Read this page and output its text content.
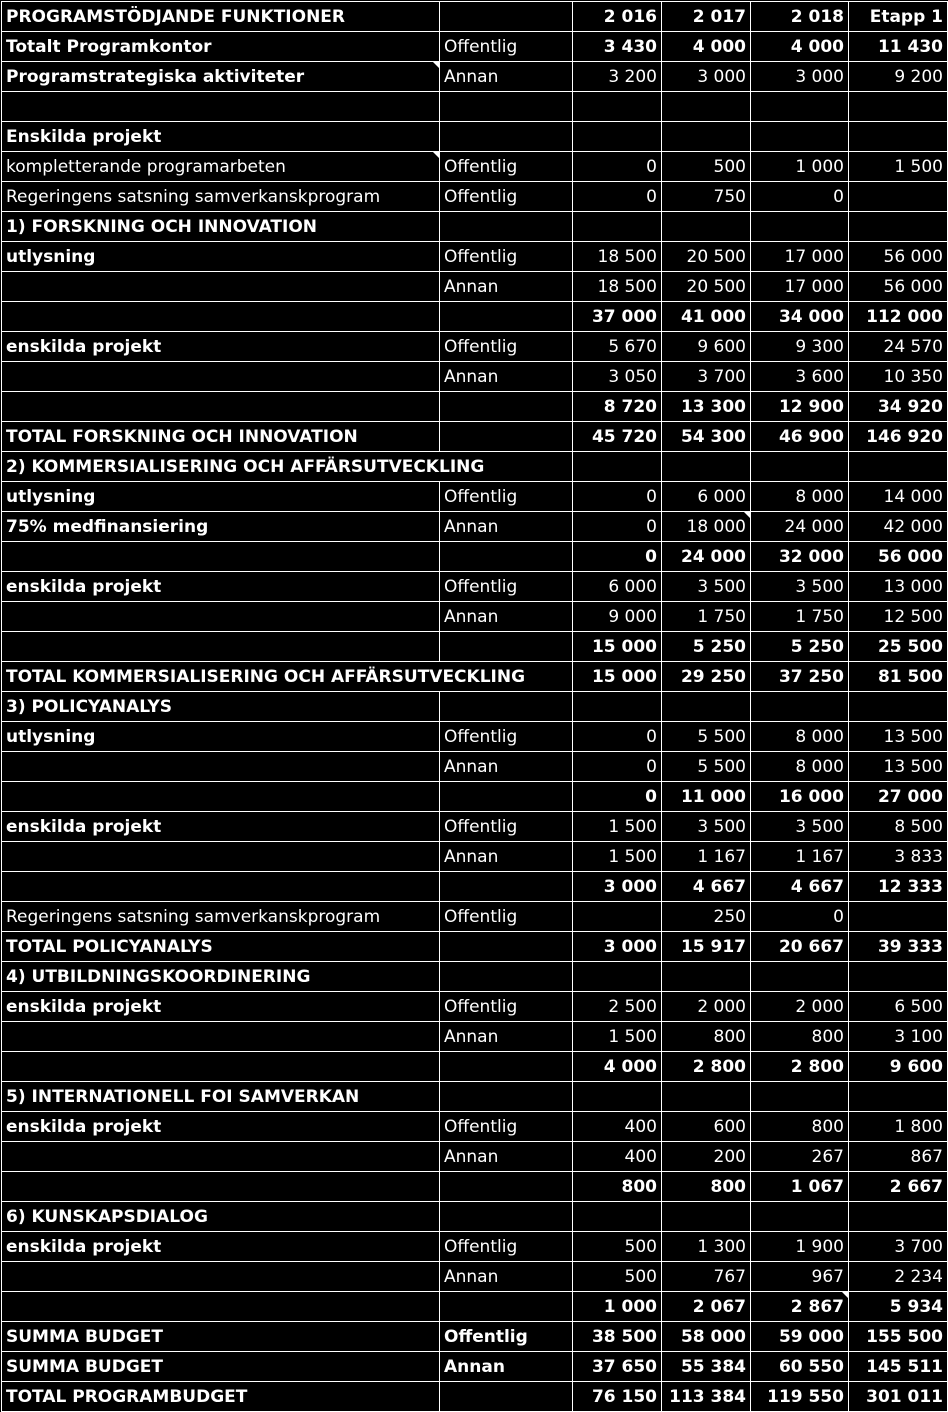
PROGRAMSTÖDJANDE FUNKTIONER		2 016	2 017	2 018	Etapp 1
Totalt Programkontor	Offentlig	3 430	4 000	4 000	11 430
Programstrategiska aktiviteter	Annan	3 200	3 000	3 000	9 200

Enskilda projekt					
kompletterande programarbeten	Offentlig	0	500	1 000	1 500
Regeringens satsning samverkanskprogram	Offentlig	0	750	0	
1) FORSKNING OCH INNOVATION					
utlysning	Offentlig	18 500	20 500	17 000	56 000
	Annan	18 500	20 500	17 000	56 000
		37 000	41 000	34 000	112 000
enskilda projekt	Offentlig	5 670	9 600	9 300	24 570
	Annan	3 050	3 700	3 600	10 350
		8 720	13 300	12 900	34 920
TOTAL FORSKNING OCH INNOVATION		45 720	54 300	46 900	146 920
2) KOMMERSIALISERING OCH AFFÄRSUTVECKLING					
utlysning	Offentlig	0	6 000	8 000	14 000
75% medfinansiering	Annan	0	18 000	24 000	42 000
		0	24 000	32 000	56 000
enskilda projekt	Offentlig	6 000	3 500	3 500	13 000
	Annan	9 000	1 750	1 750	12 500
		15 000	5 250	5 250	25 500
TOTAL KOMMERSIALISERING OCH AFFÄRSUTVECKLING		15 000	29 250	37 250	81 500
3) POLICYANALYS					
utlysning	Offentlig	0	5 500	8 000	13 500
	Annan	0	5 500	8 000	13 500
		0	11 000	16 000	27 000
enskilda projekt	Offentlig	1 500	3 500	3 500	8 500
	Annan	1 500	1 167	1 167	3 833
		3 000	4 667	4 667	12 333
Regeringens satsning samverkanskprogram	Offentlig		250	0	
TOTAL POLICYANALYS		3 000	15 917	20 667	39 333
4) UTBILDNINGSKOORDINERING					
enskilda projekt	Offentlig	2 500	2 000	2 000	6 500
	Annan	1 500	800	800	3 100
		4 000	2 800	2 800	9 600
5) INTERNATIONELL FOI SAMVERKAN					
enskilda projekt	Offentlig	400	600	800	1 800
	Annan	400	200	267	867
		800	800	1 067	2 667
6) KUNSKAPSDIALOG					
enskilda projekt	Offentlig	500	1 300	1 900	3 700
	Annan	500	767	967	2 234
		1 000	2 067	2 867	5 934
SUMMA BUDGET	Offentlig	38 500	58 000	59 000	155 500
SUMMA BUDGET	Annan	37 650	55 384	60 550	145 511
TOTAL PROGRAMBUDGET		76 150	113 384	119 550	301 011
